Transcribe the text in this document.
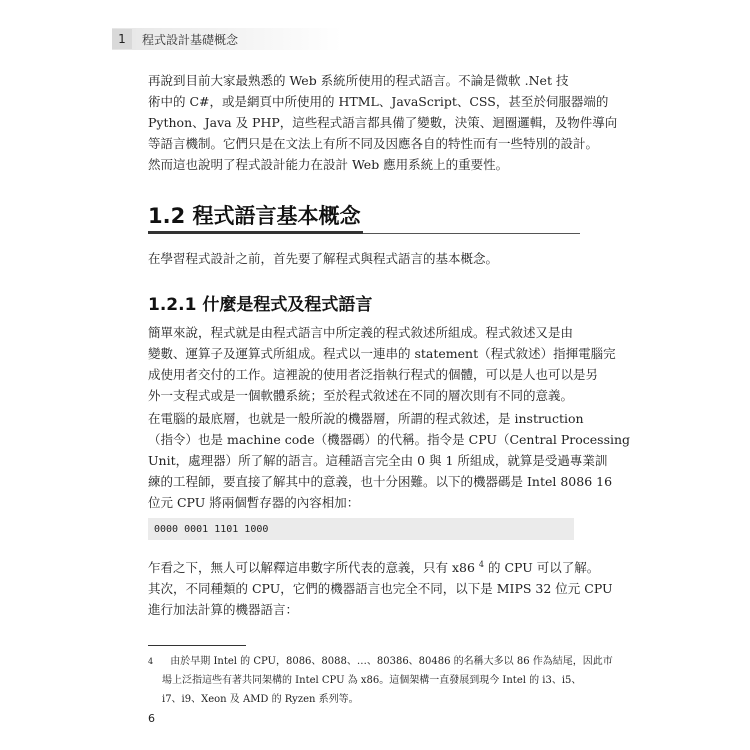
1	程式設計基礎概念
再說到目前大家最熟悉的 Web 系統所使用的程式語言。不論是微軟 .Net 技
術中的 C#，或是網頁中所使用的 HTML、JavaScript、CSS，甚至於伺服器端的
Python、Java 及 PHP，這些程式語言都具備了變數，決策、迴圈邏輯，及物件導向
等語言機制。它們只是在文法上有所不同及因應各自的特性而有一些特別的設計。
然而這也說明了程式設計能力在設計 Web 應用系統上的重要性。
1.2 程式語言基本概念
在學習程式設計之前，首先要了解程式與程式語言的基本概念。
1.2.1 什麼是程式及程式語言
簡單來說，程式就是由程式語言中所定義的程式敘述所組成。程式敘述又是由
變數、運算子及運算式所組成。程式以一連串的 statement（程式敘述）指揮電腦完
成使用者交付的工作。這裡說的使用者泛指執行程式的個體，可以是人也可以是另
外一支程式或是一個軟體系統；至於程式敘述在不同的層次則有不同的意義。
在電腦的最底層，也就是一般所說的機器層，所謂的程式敘述，是 instruction
（指令）也是 machine code（機器碼）的代稱。指令是 CPU（Central Processing
Unit，處理器）所了解的語言。這種語言完全由 0 與 1 所組成，就算是受過專業訓
練的工程師，要直接了解其中的意義，也十分困難。以下的機器碼是 Intel 8086 16
位元 CPU 將兩個暫存器的內容相加：
0000 0001 1101 1000
乍看之下，無人可以解釋這串數字所代表的意義，只有 x86 $^4$ 的 CPU 可以了解。
其次，不同種類的 CPU，它們的機器語言也完全不同，以下是 MIPS 32 位元 CPU
進行加法計算的機器語言：
$^4$ 由於早期 Intel 的 CPU，8086、8088、…、80386、80486 的名稱大多以 86 作為結尾，因此市
場上泛指這些有著共同架構的 Intel CPU 為 x86。這個架構一直發展到現今 Intel 的 i3、i5、
i7、i9、Xeon 及 AMD 的 Ryzen 系列等。
6
